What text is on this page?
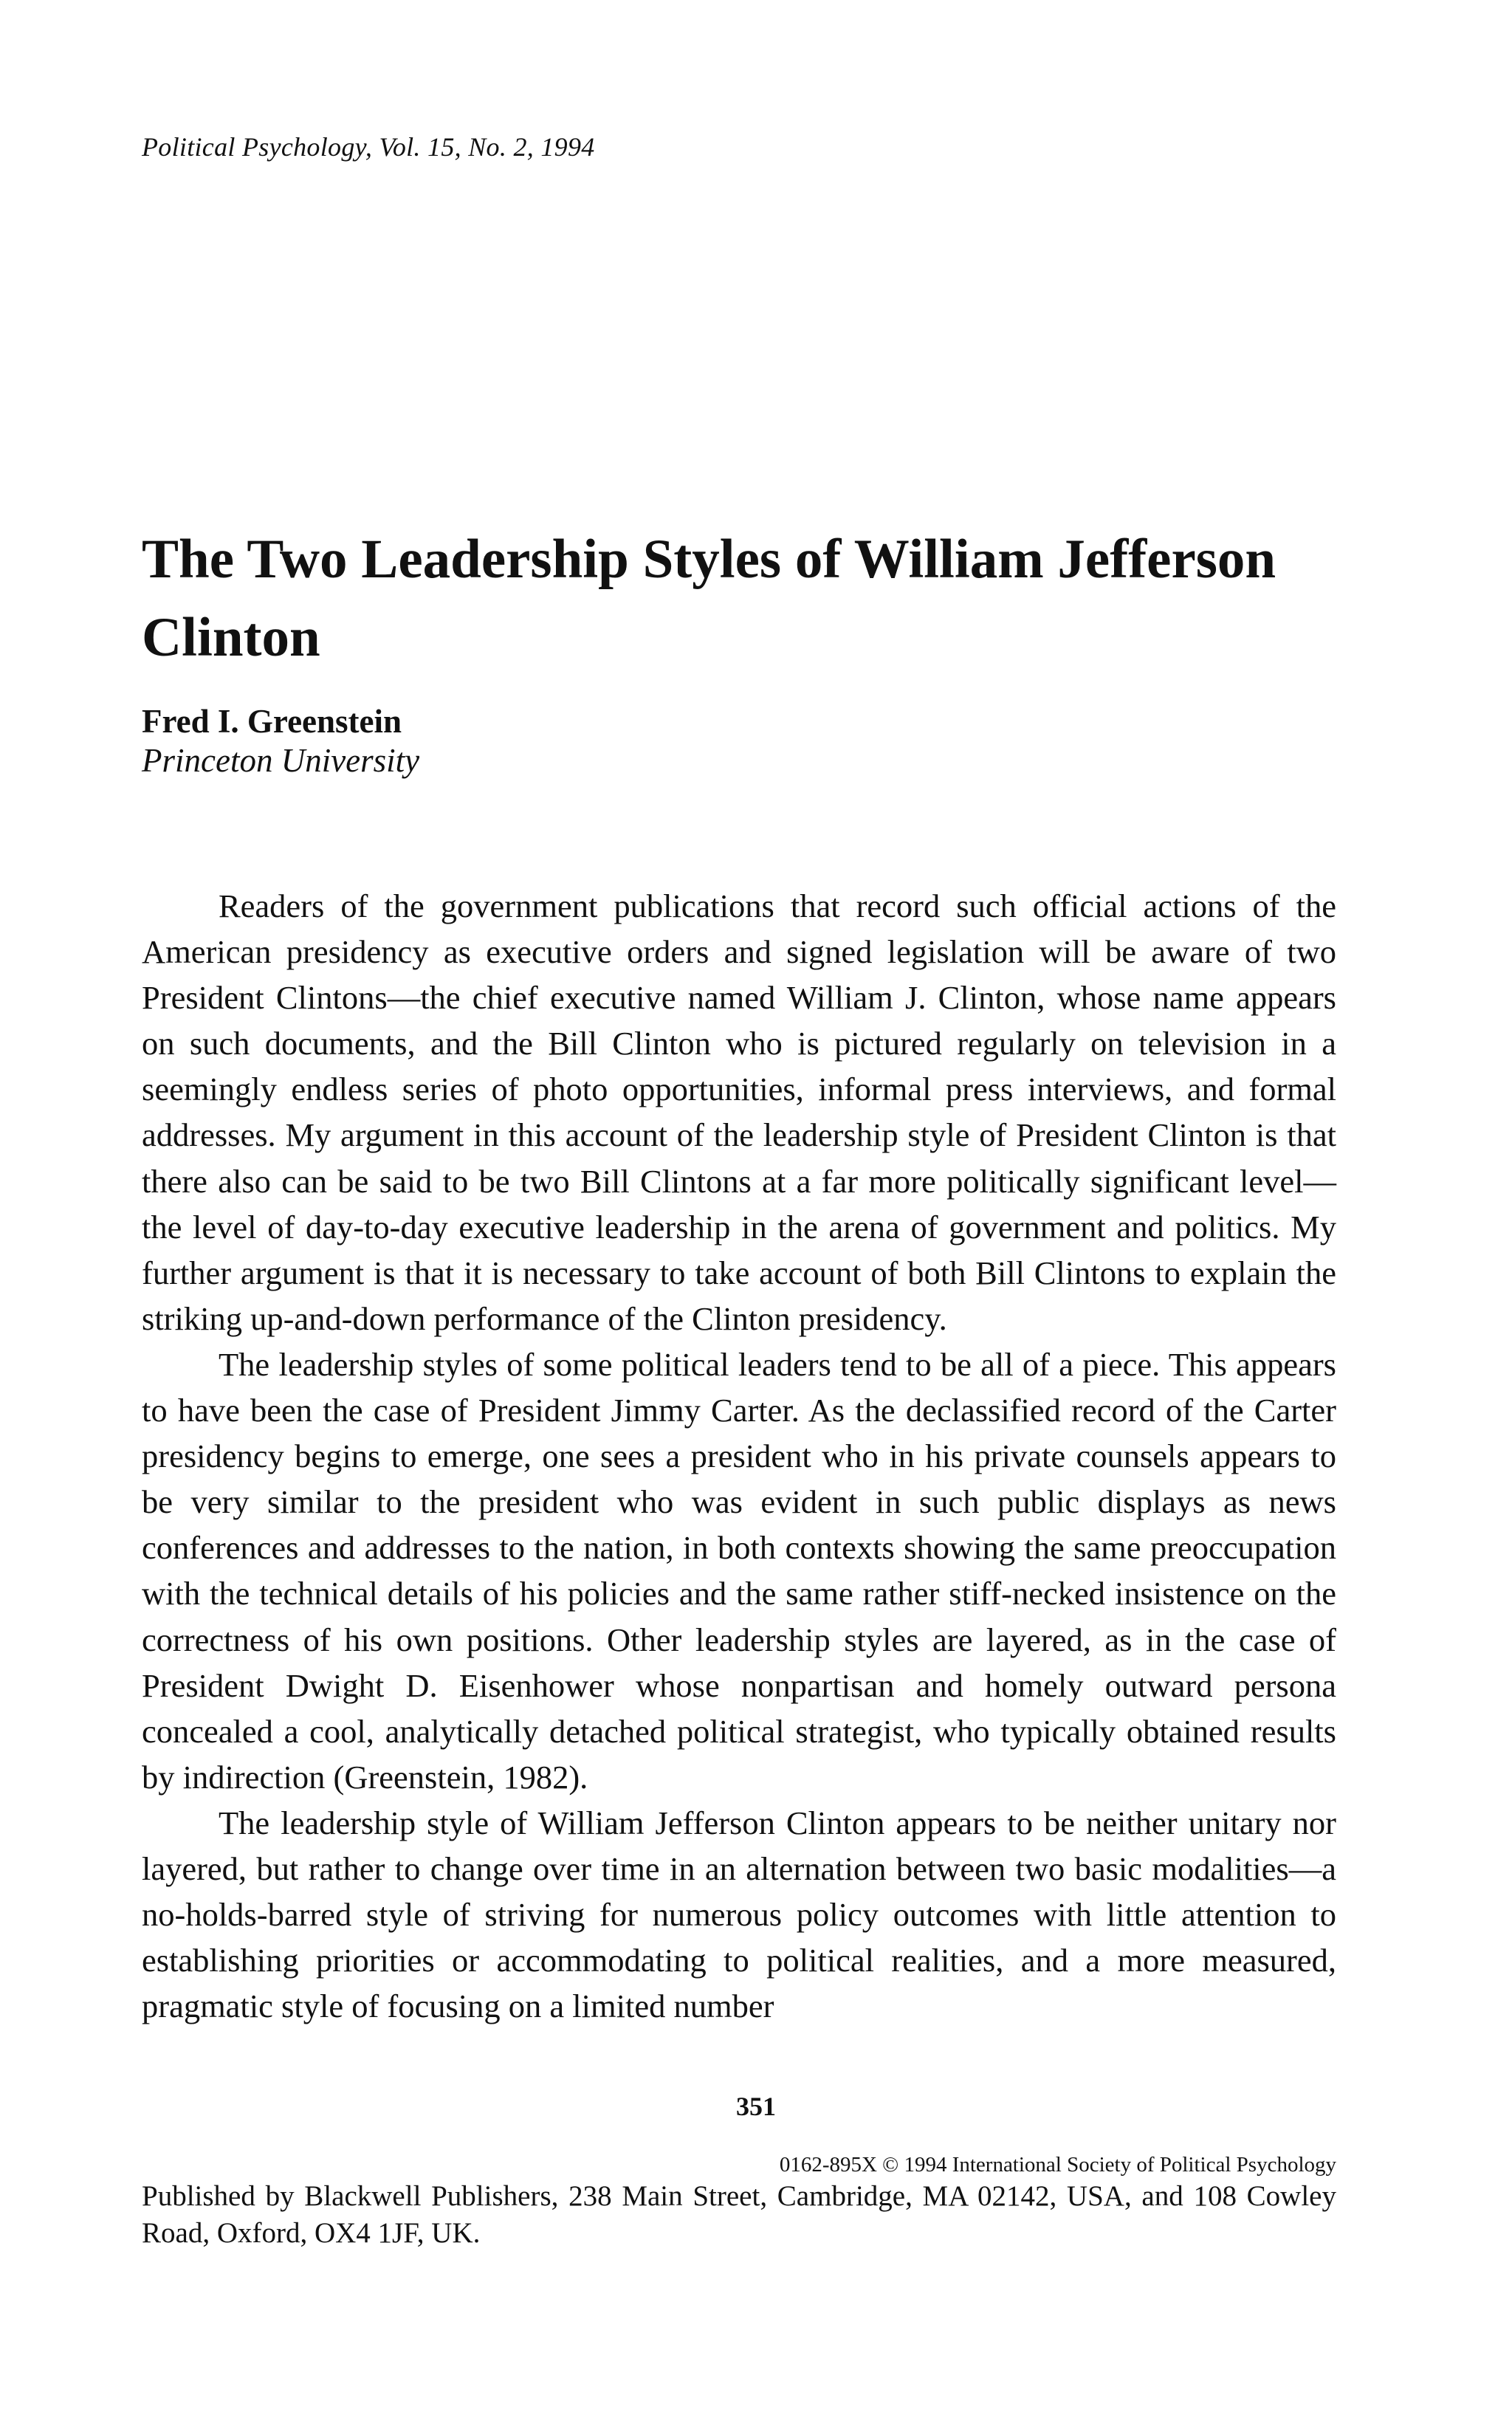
Political Psychology, Vol. 15, No. 2, 1994
The Two Leadership Styles of William Jefferson Clinton
Fred I. Greenstein
Princeton University

Readers of the government publications that record such official actions of the American presidency as executive orders and signed legislation will be aware of two President Clintons—the chief executive named William J. Clinton, whose name appears on such documents, and the Bill Clinton who is pictured regularly on television in a seemingly endless series of photo opportunities, informal press interviews, and formal addresses. My argument in this account of the leadership style of President Clinton is that there also can be said to be two Bill Clintons at a far more politically significant level—the level of day-to-day executive leadership in the arena of government and politics. My further argument is that it is necessary to take account of both Bill Clintons to explain the striking up-and-down performance of the Clinton presidency.

The leadership styles of some political leaders tend to be all of a piece. This appears to have been the case of President Jimmy Carter. As the declassified record of the Carter presidency begins to emerge, one sees a president who in his private counsels appears to be very similar to the president who was evident in such public displays as news conferences and addresses to the nation, in both contexts showing the same preoccupation with the technical details of his policies and the same rather stiff-necked insistence on the correctness of his own positions. Other leadership styles are layered, as in the case of President Dwight D. Eisenhower whose nonpartisan and homely outward persona concealed a cool, analytically detached political strategist, who typically obtained results by indirection (Greenstein, 1982).

The leadership style of William Jefferson Clinton appears to be neither unitary nor layered, but rather to change over time in an alternation between two basic modalities—a no-holds-barred style of striving for numerous policy outcomes with little attention to establishing priorities or accommodating to political realities, and a more measured, pragmatic style of focusing on a limited number

351
0162-895X © 1994 International Society of Political Psychology
Published by Blackwell Publishers, 238 Main Street, Cambridge, MA 02142, USA, and 108 Cowley Road, Oxford, OX4 1JF, UK.
